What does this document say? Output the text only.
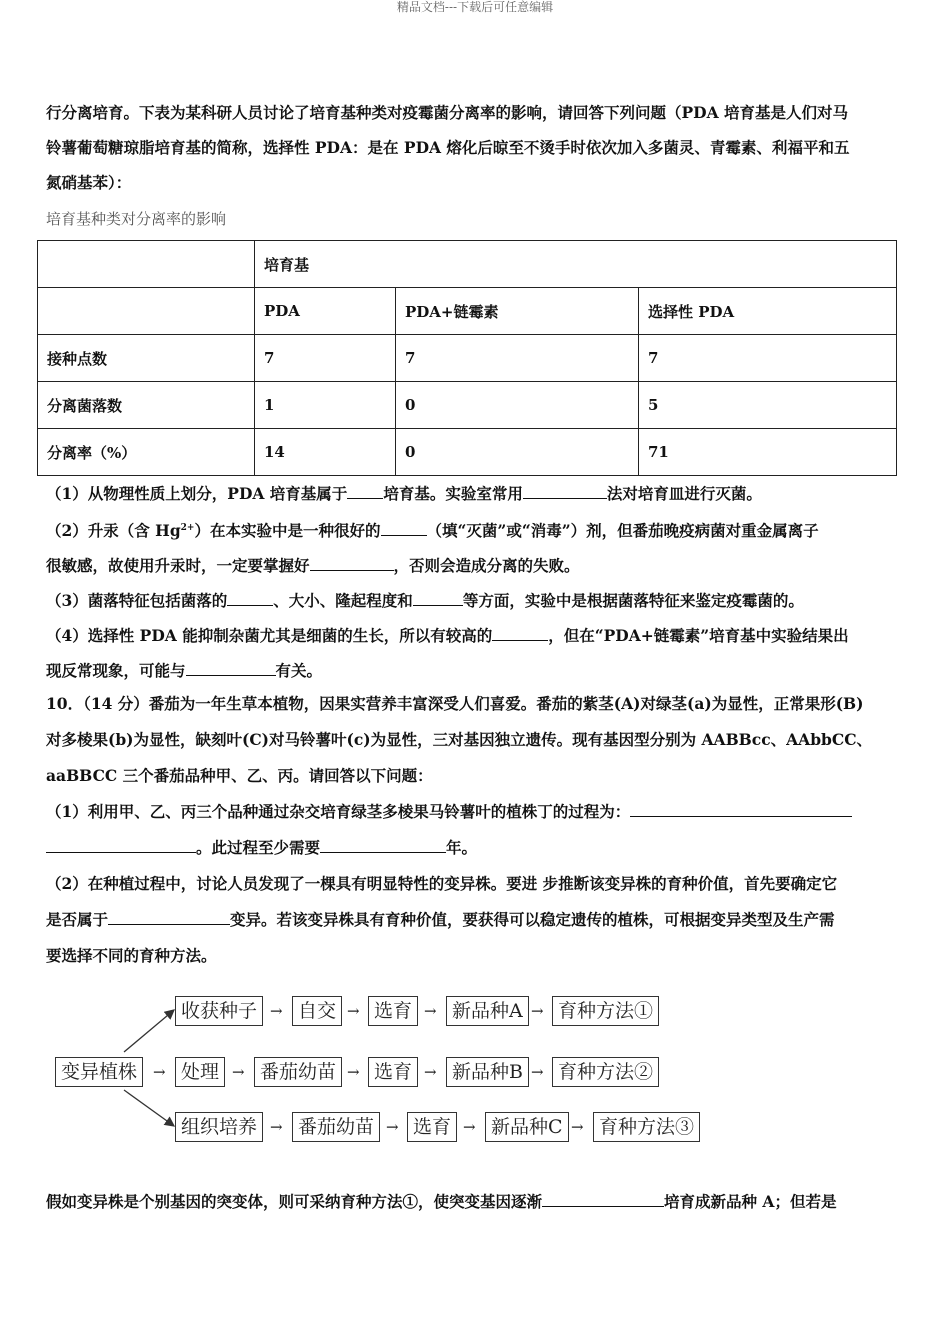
精品文档---下载后可任意编辑
行分离培育。下表为某科研人员讨论了培育基种类对疫霉菌分离率的影响，请回答下列问题（PDA 培育基是人们对马
铃薯葡萄糖琼脂培育基的简称，选择性 PDA：是在 PDA 熔化后晾至不烫手时依次加入多菌灵、青霉素、利福平和五
氮硝基苯）：
培育基种类对分离率的影响
	培育基		
	PDA	PDA+链霉素	选择性 PDA
接种点数	7	7	7
分离菌落数	1	0	5
分离率（%）	14	0	71
（1）从物理性质上划分，PDA 培育基属于 培育基。实验室常用	法对培育皿进行灭菌。
（2）升汞（含 $Hg^{2+}$）在本实验中是一种很好的	（填“灭菌”或“消毒”）剂，但番茄晚疫病菌对重金属离子
很敏感，故使用升汞时，一定要掌握好	，否则会造成分离的失败。
（3）菌落特征包括菌落的	、大小、隆起程度和	等方面，实验中是根据菌落特征来鉴定疫霉菌的。
（4）选择性 PDA 能抑制杂菌尤其是细菌的生长，所以有较高的	，但在“PDA+链霉素”培育基中实验结果出
现反常现象，可能与	有关。
10．（14 分）番茄为一年生草本植物，因果实营养丰富深受人们喜爱。番茄的紫茎(A)对绿茎(a)为显性，正常果形(B)
对多棱果(b)为显性，缺刻叶(C)对马铃薯叶(c)为显性，三对基因独立遗传。现有基因型分别为 AABBcc、AAbbCC、
aaBBCC 三个番茄品种甲、乙、丙。请回答以下问题：
（1）利用甲、乙、丙三个品种通过杂交培育绿茎多棱果马铃薯叶的植株丁的过程为：
。此过程至少需要	年。
（2）在种植过程中，讨论人员发现了一棵具有明显特性的变异株。要进 步推断该变异株的育种价值，首先要确定它
是否属于	变异。若该变异株具有育种价值，要获得可以稳定遗传的植株，可根据变异类型及生产需
要选择不同的育种方法。
变异植株
收获种子 → 自交 → 选育 → 新品种A → 育种方法①
→ 处理 → 番茄幼苗 → 选育 → 新品种B → 育种方法②
组织培养 → 番茄幼苗 → 选育 → 新品种C → 育种方法③
假如变异株是个别基因的突变体，则可采纳育种方法①，使突变基因逐渐	培育成新品种 A；但若是
